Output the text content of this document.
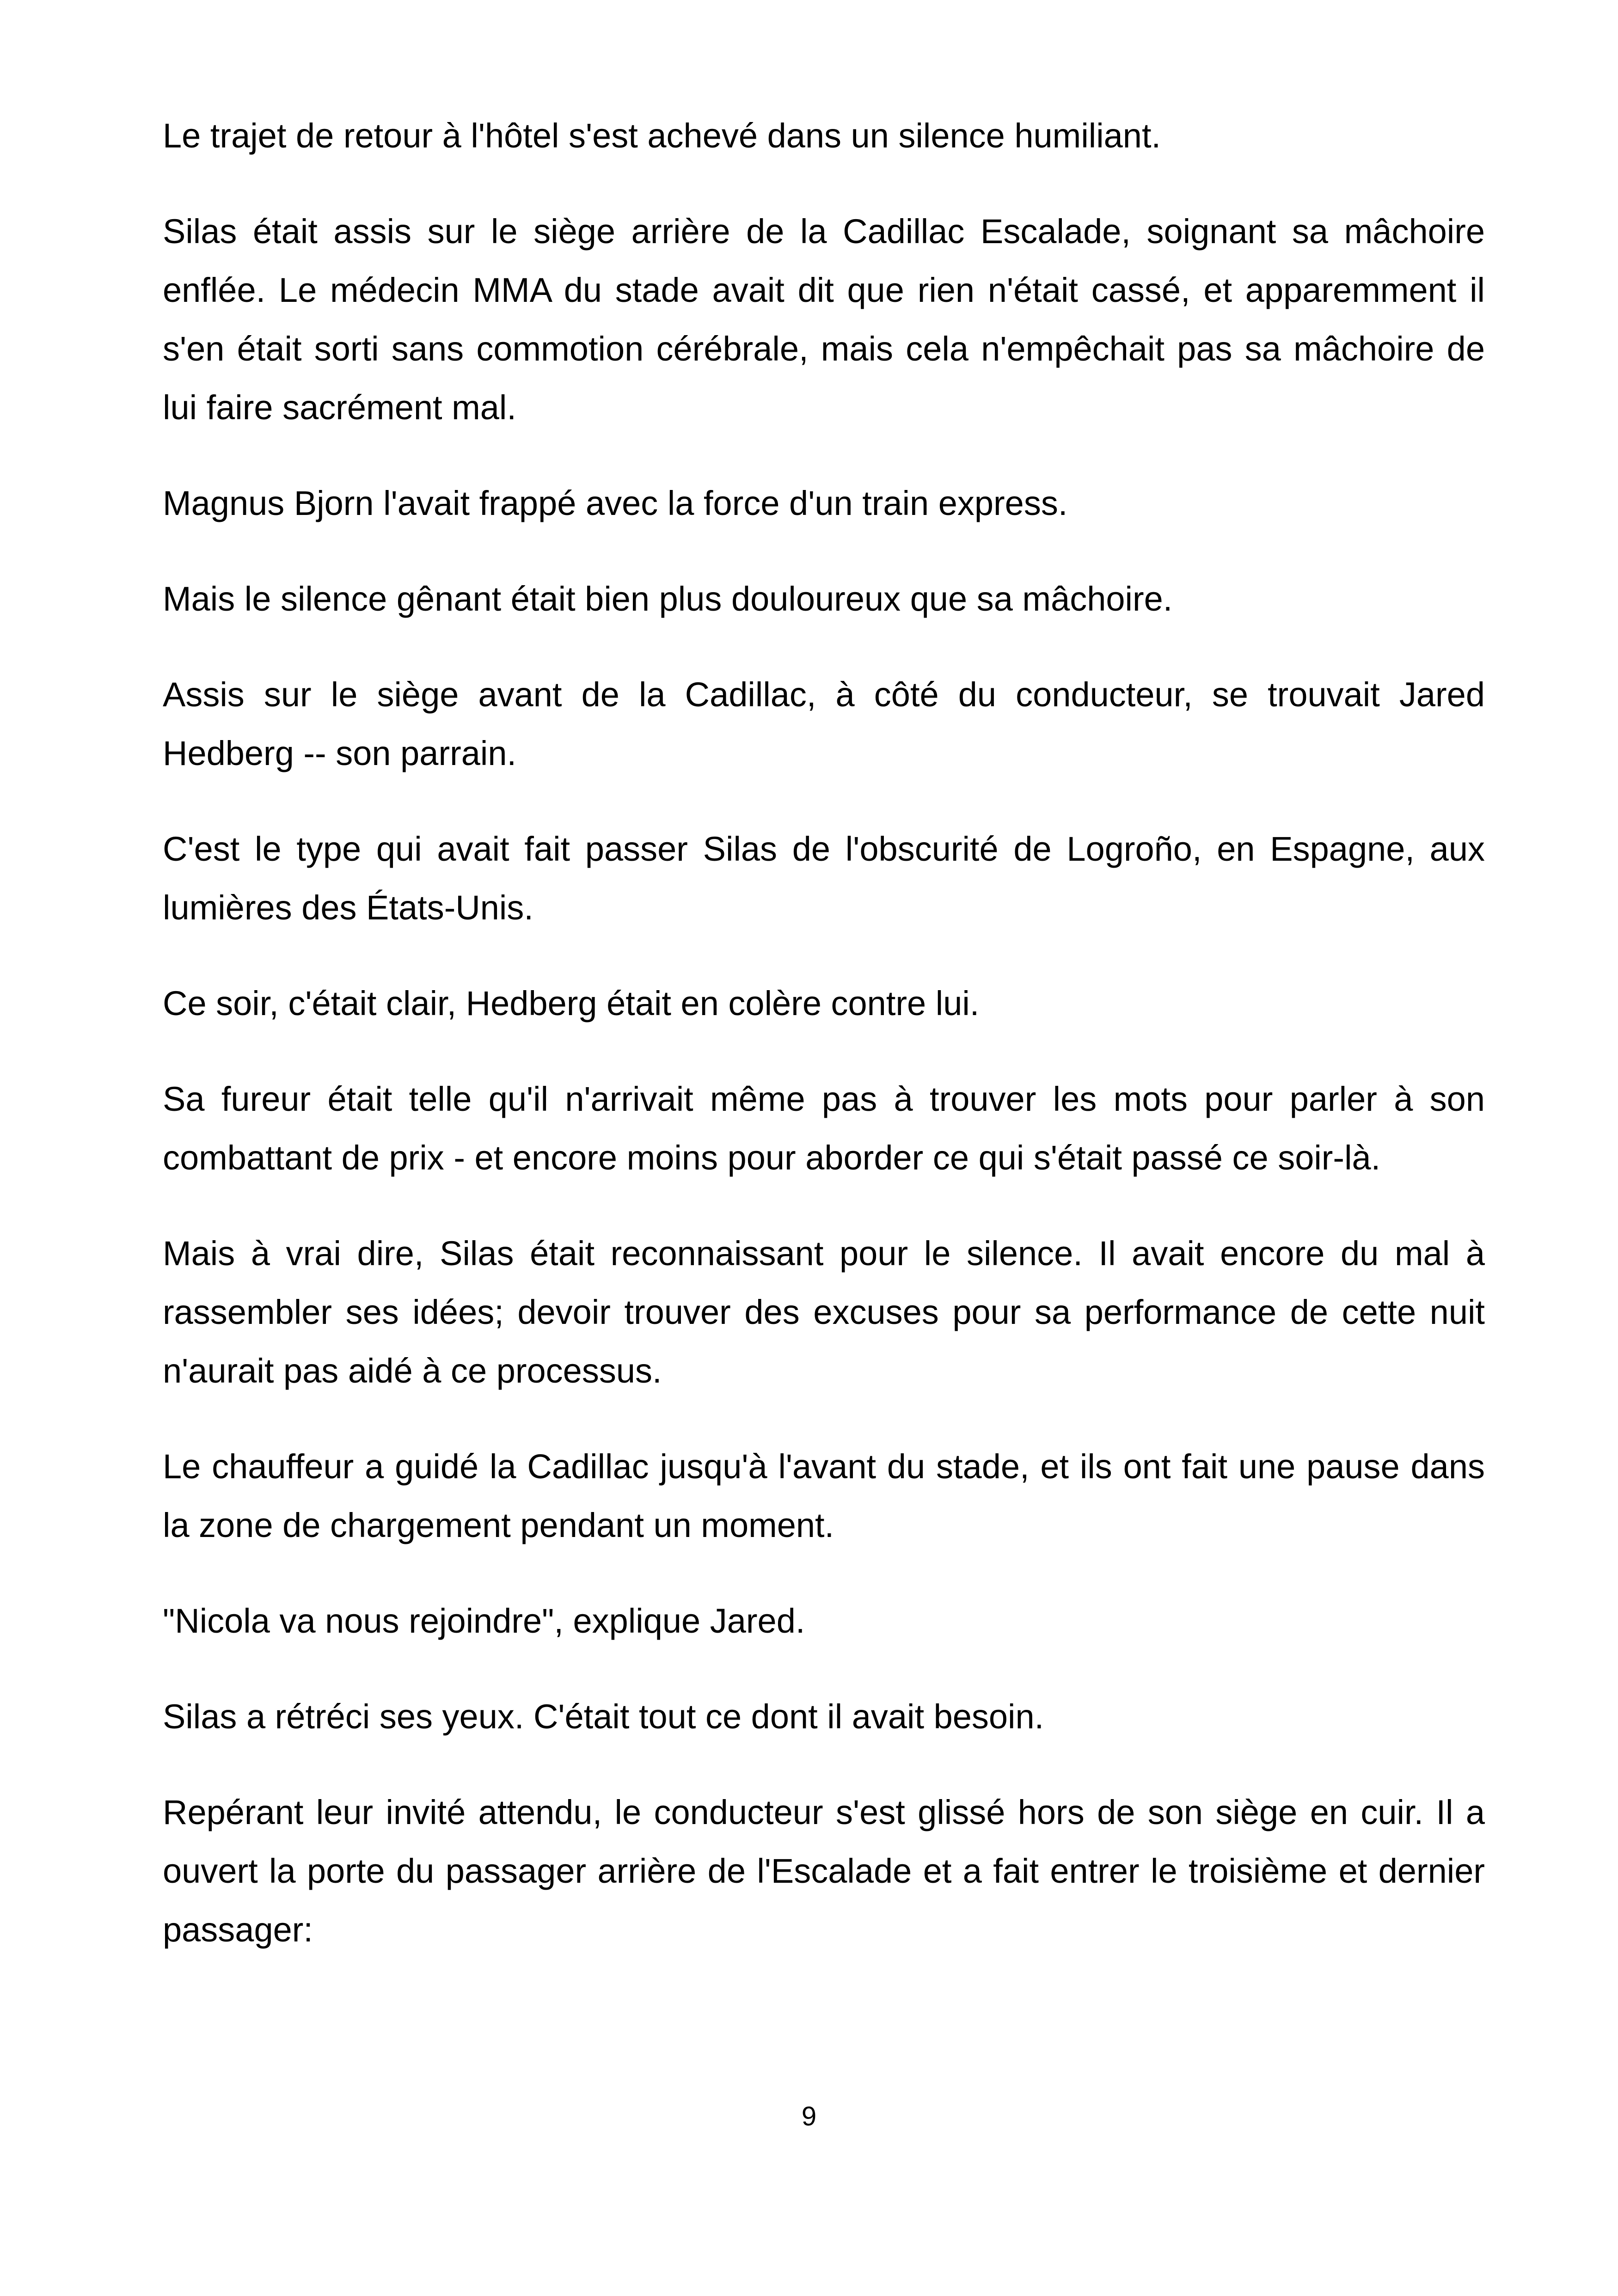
Le trajet de retour à l'hôtel s'est achevé dans un silence humiliant.

Silas était assis sur le siège arrière de la Cadillac Escalade, soignant sa mâchoire enflée. Le médecin MMA du stade avait dit que rien n'était cassé, et apparemment il s'en était sorti sans commotion cérébrale, mais cela n'empêchait pas sa mâchoire de lui faire sacrément mal.

Magnus Bjorn l'avait frappé avec la force d'un train express.

Mais le silence gênant était bien plus douloureux que sa mâchoire.

Assis sur le siège avant de la Cadillac, à côté du conducteur, se trouvait Jared Hedberg -- son parrain.

C'est le type qui avait fait passer Silas de l'obscurité de Logroño, en Espagne, aux lumières des États-Unis.

Ce soir, c'était clair, Hedberg était en colère contre lui.

Sa fureur était telle qu'il n'arrivait même pas à trouver les mots pour parler à son combattant de prix - et encore moins pour aborder ce qui s'était passé ce soir-là.

Mais à vrai dire, Silas était reconnaissant pour le silence. Il avait encore du mal à rassembler ses idées; devoir trouver des excuses pour sa performance de cette nuit n'aurait pas aidé à ce processus.

Le chauffeur a guidé la Cadillac jusqu'à l'avant du stade, et ils ont fait une pause dans la zone de chargement pendant un moment.

"Nicola va nous rejoindre", explique Jared.

Silas a rétréci ses yeux. C'était tout ce dont il avait besoin.

Repérant leur invité attendu, le conducteur s'est glissé hors de son siège en cuir. Il a ouvert la porte du passager arrière de l'Escalade et a fait entrer le troisième et dernier passager:

9
